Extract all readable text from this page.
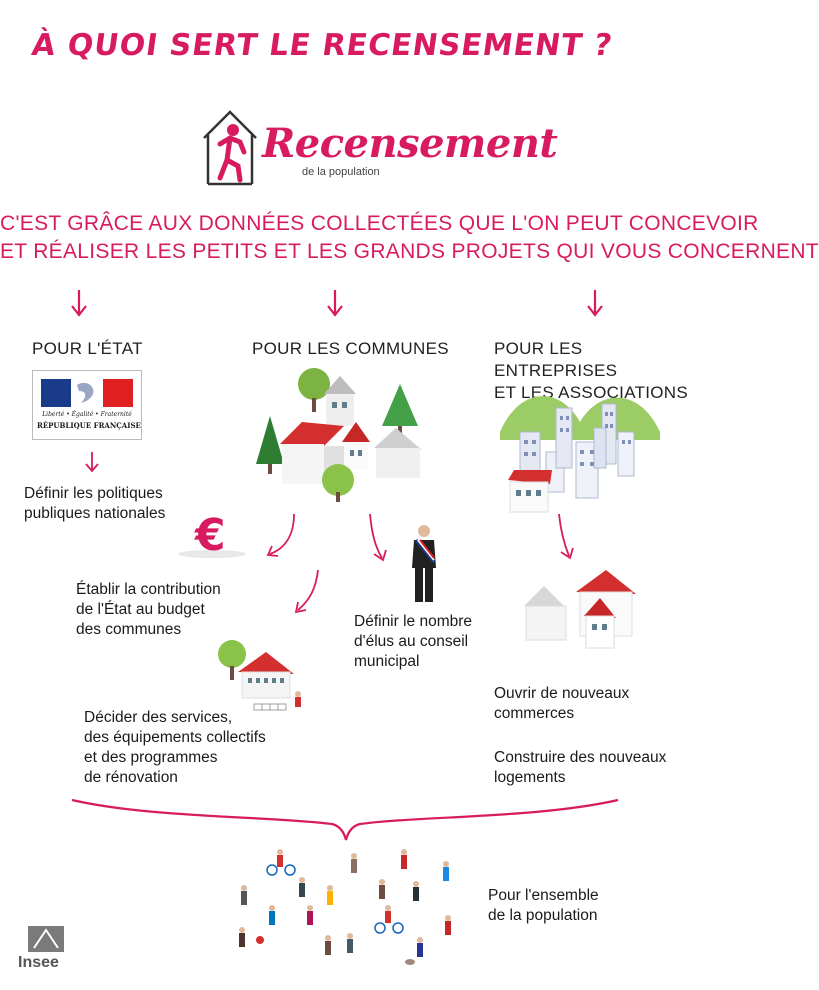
À QUOI SERT LE RECENSEMENT ?
Recensement
de la population
C'EST GRÂCE AUX DONNÉES COLLECTÉES QUE L'ON PEUT CONCEVOIR
ET RÉALISER LES PETITS ET LES GRANDS PROJETS QUI VOUS CONCERNENT
POUR L'ÉTAT	POUR LES COMMUNES	POUR LES ENTREPRISES
ET LES ASSOCIATIONS
Liberté • Égalité • Fraternité
RÉPUBLIQUE FRANÇAISE
Définir les politiques
publiques nationales €
Établir la contribution
de l'État au budget
des communes	Définir le nombre
d'élus au conseil
municipal
Décider des services,
des équipements collectifs
et des programmes
de rénovation
Ouvrir de nouveaux
commerces
Construire des nouveaux
logements
Pour l'ensemble
de la population
Insee
